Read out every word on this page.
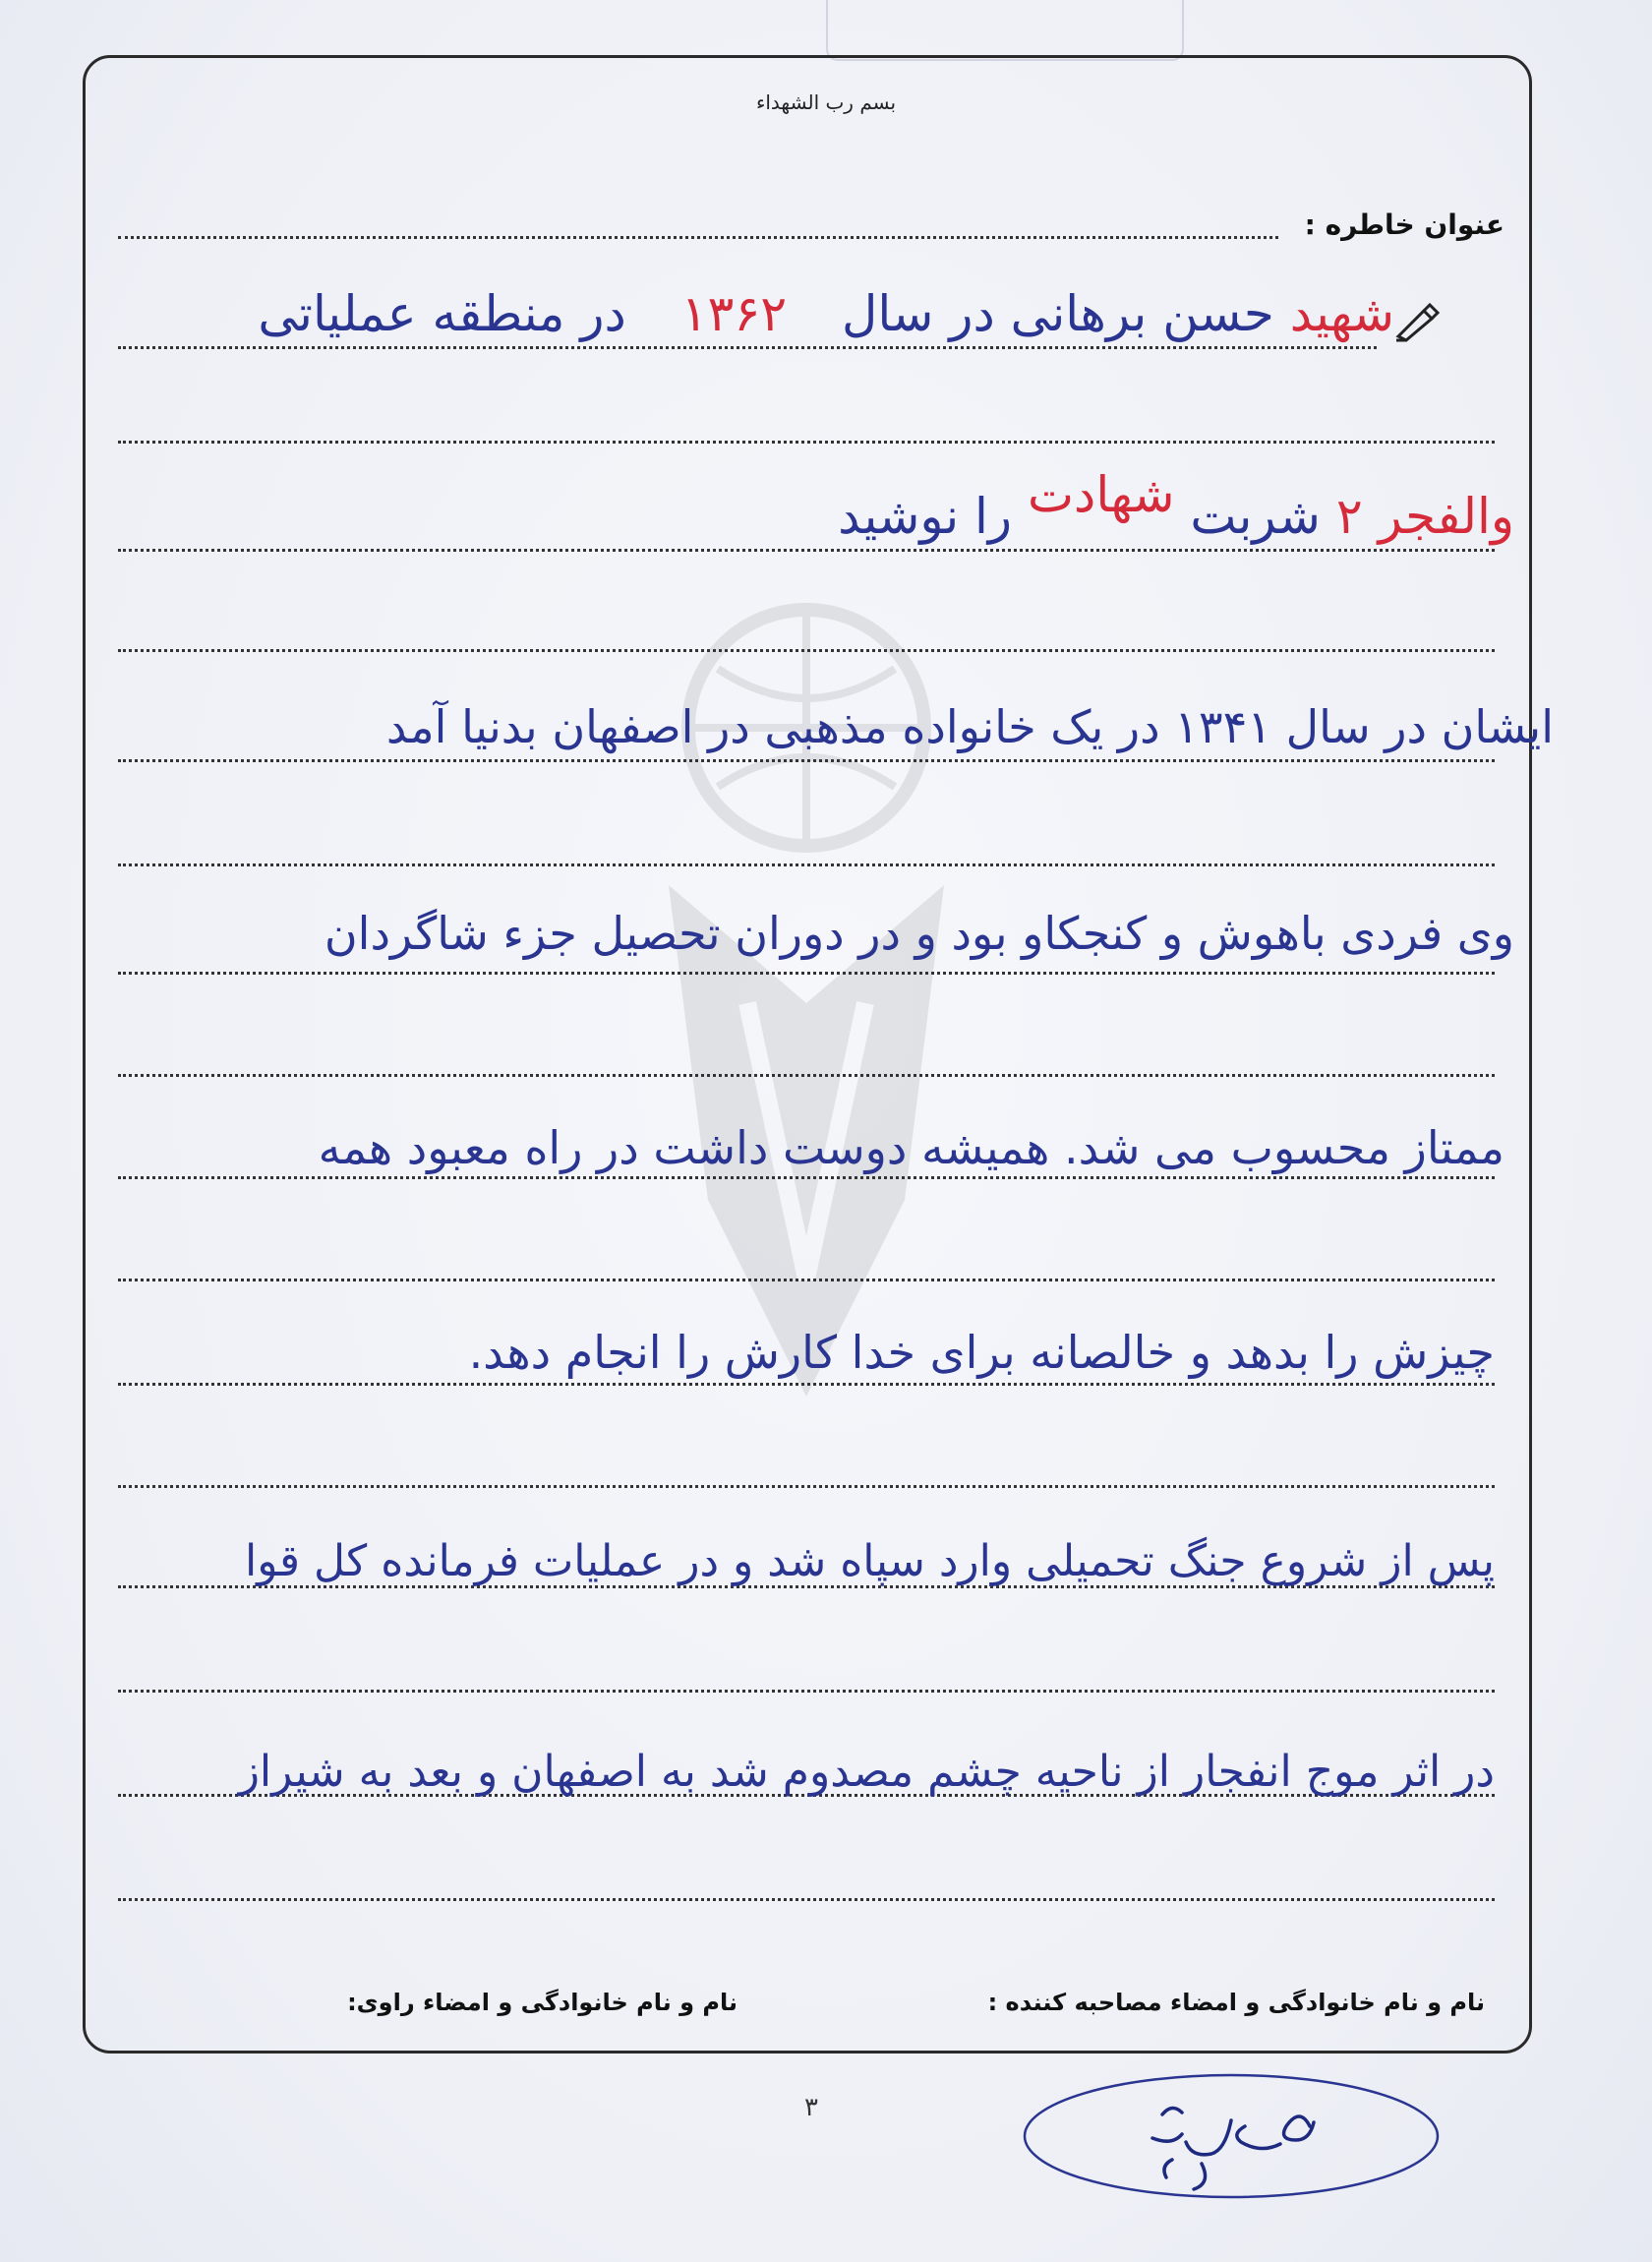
بسم رب الشهداء
عنوان خاطره :
شهید حسن برهانی در سال ۱۳۶۲ در منطقه عملیاتی
والفجر ۲ شربت شهادت را نوشید
ایشان در سال ۱۳۴۱ در یک خانواده مذهبی در اصفهان بدنیا آمد
وی فردی باهوش و کنجکاو بود و در دوران تحصیل جزء شاگردان
ممتاز محسوب می شد. همیشه دوست داشت در راه معبود همه
چیزش را بدهد و خالصانه برای خدا کارش را انجام دهد.
پس از شروع جنگ تحمیلی وارد سپاه شد و در عملیات فرمانده کل قوا
در اثر موج انفجار از ناحیه چشم مصدوم شد به اصفهان و بعد به شیراز
نام و نام خانوادگی و امضاء مصاحبه کننده :
نام و نام خانوادگی و امضاء راوی:
۳
